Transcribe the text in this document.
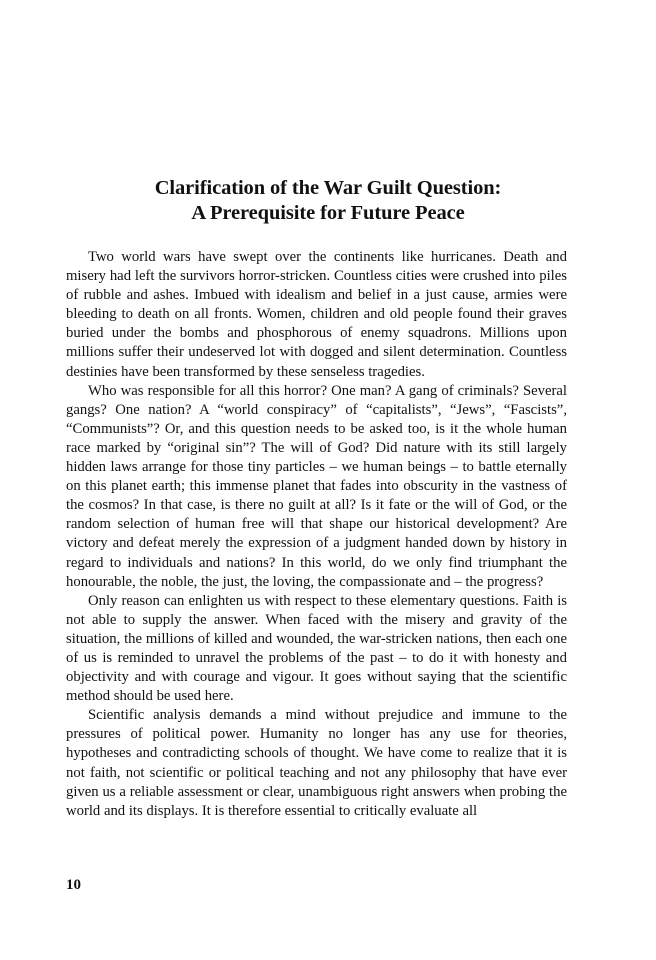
Clarification of the War Guilt Question:
A Prerequisite for Future Peace

Two world wars have swept over the continents like hurricanes. Death and misery had left the survivors horror-stricken. Countless cities were crushed into piles of rubble and ashes. Imbued with idealism and belief in a just cause, armies were bleeding to death on all fronts. Women, children and old people found their graves buried under the bombs and phosphorous of enemy squadrons. Millions upon millions suffer their undeserved lot with dogged and silent determination. Countless destinies have been transformed by these senseless tragedies.

Who was responsible for all this horror? One man? A gang of criminals? Several gangs? One nation? A “world conspiracy” of “capitalists”, “Jews”, “Fascists”, “Communists”? Or, and this question needs to be asked too, is it the whole human race marked by “original sin”? The will of God? Did nature with its still largely hidden laws arrange for those tiny particles – we human beings – to battle eternally on this planet earth; this immense planet that fades into obscurity in the vastness of the cosmos? In that case, is there no guilt at all? Is it fate or the will of God, or the random selection of human free will that shape our historical development? Are victory and defeat merely the expression of a judgment handed down by history in regard to individuals and nations? In this world, do we only find triumphant the honourable, the noble, the just, the loving, the compassionate and – the progress?

Only reason can enlighten us with respect to these elementary questions. Faith is not able to supply the answer. When faced with the misery and gravity of the situation, the millions of killed and wounded, the war-stricken nations, then each one of us is reminded to unravel the problems of the past – to do it with honesty and objectivity and with courage and vigour. It goes without saying that the scientific method should be used here.

Scientific analysis demands a mind without prejudice and immune to the pressures of political power. Humanity no longer has any use for theories, hypotheses and contradicting schools of thought. We have come to realize that it is not faith, not scientific or political teaching and not any philosophy that have ever given us a reliable assessment or clear, unambiguous right answers when probing the world and its displays. It is therefore essential to critically evaluate all

10
